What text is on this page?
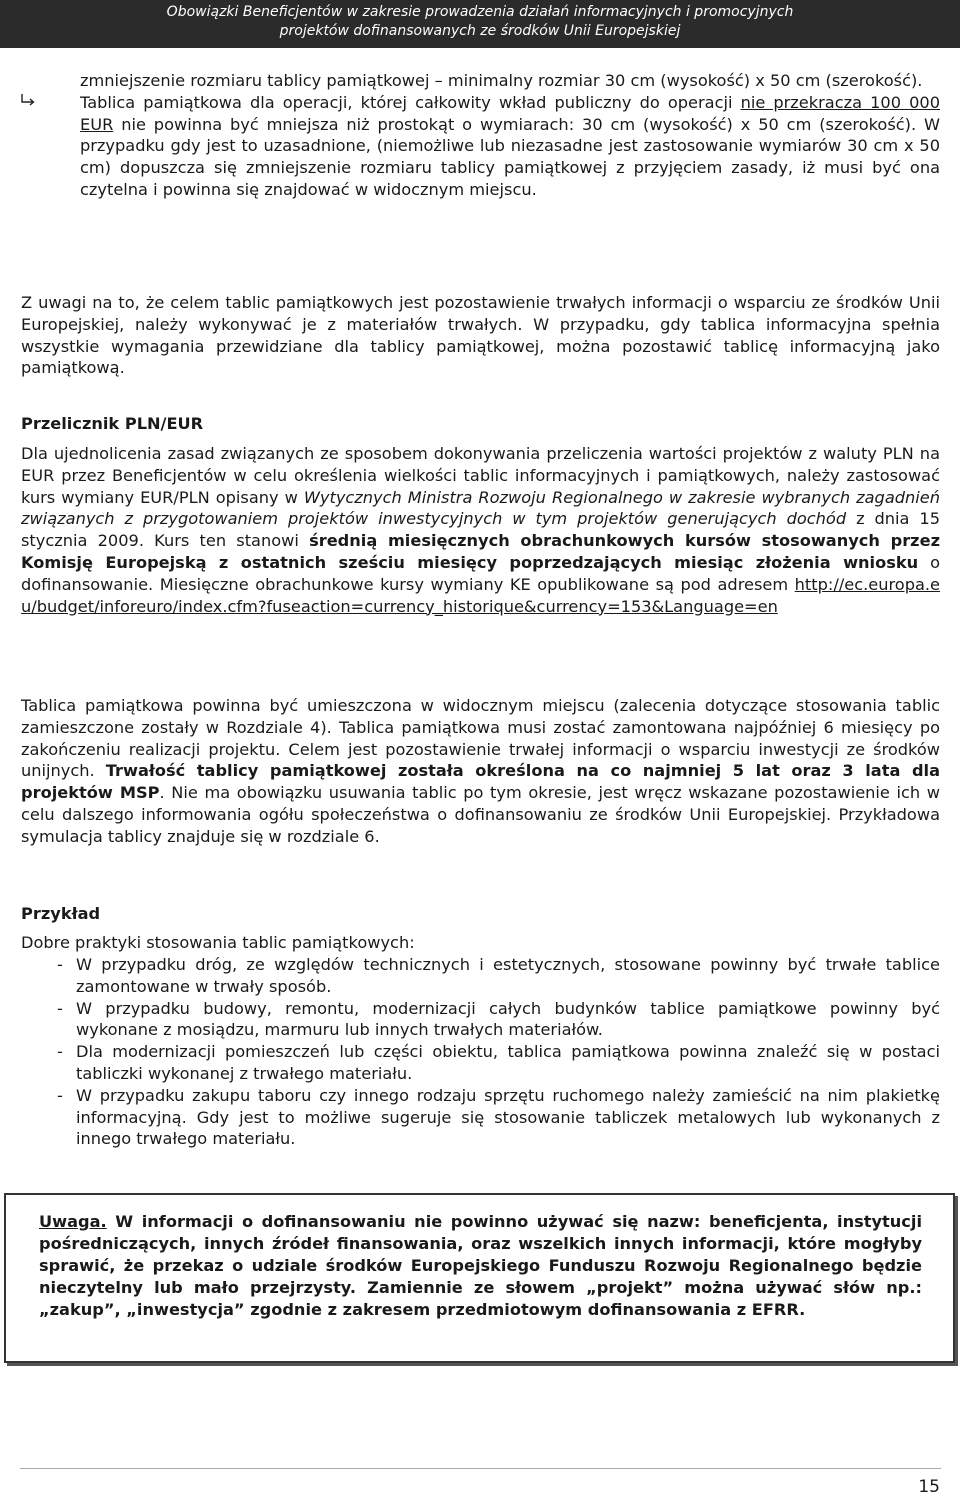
Obowiązki Beneficjentów w zakresie prowadzenia działań informacyjnych i promocyjnych
projektów dofinansowanych ze środków Unii Europejskiej
zmniejszenie rozmiaru tablicy pamiątkowej – minimalny rozmiar 30 cm (wysokość) x 50 cm (szerokość).
Tablica pamiątkowa dla operacji, której całkowity wkład publiczny do operacji nie przekracza 100 000 EUR nie powinna być mniejsza niż prostokąt o wymiarach: 30 cm (wysokość) x 50 cm (szerokość). W przypadku gdy jest to uzasadnione, (niemożliwe lub niezasadne jest zastosowanie wymiarów 30 cm x 50 cm) dopuszcza się zmniejszenie rozmiaru tablicy pamiątkowej z przyjęciem zasady, iż musi być ona czytelna i powinna się znajdować w widocznym miejscu.
Z uwagi na to, że celem tablic pamiątkowych jest pozostawienie trwałych informacji o wsparciu ze środków Unii Europejskiej, należy wykonywać je z materiałów trwałych. W przypadku, gdy tablica informacyjna spełnia wszystkie wymagania przewidziane dla tablicy pamiątkowej, można pozostawić tablicę informacyjną jako pamiątkową.
Przelicznik PLN/EUR
Dla ujednolicenia zasad związanych ze sposobem dokonywania przeliczenia wartości projektów z waluty PLN na EUR przez Beneficjentów w celu określenia wielkości tablic informacyjnych i pamiątkowych, należy zastosować kurs wymiany EUR/PLN opisany w Wytycznych Ministra Rozwoju Regionalnego w zakresie wybranych zagadnień związanych z przygotowaniem projektów inwestycyjnych w tym projektów generujących dochód z dnia 15 stycznia 2009. Kurs ten stanowi średnią miesięcznych obrachunkowych kursów stosowanych przez Komisję Europejską z ostatnich sześciu miesięcy poprzedzających miesiąc złożenia wniosku o dofinansowanie. Miesięczne obrachunkowe kursy wymiany KE opublikowane są pod adresem http://ec.europa.eu/budget/inforeuro/index.cfm?fuseaction=currency_historique&currency=153&Language=en
Tablica pamiątkowa powinna być umieszczona w widocznym miejscu (zalecenia dotyczące stosowania tablic zamieszczone zostały w Rozdziale 4). Tablica pamiątkowa musi zostać zamontowana najpóźniej 6 miesięcy po zakończeniu realizacji projektu. Celem jest pozostawienie trwałej informacji o wsparciu inwestycji ze środków unijnych. Trwałość tablicy pamiątkowej została określona na co najmniej 5 lat oraz 3 lata dla projektów MSP. Nie ma obowiązku usuwania tablic po tym okresie, jest wręcz wskazane pozostawienie ich w celu dalszego informowania ogółu społeczeństwa o dofinansowaniu ze środków Unii Europejskiej. Przykładowa symulacja tablicy znajduje się w rozdziale 6.
Przykład
Dobre praktyki stosowania tablic pamiątkowych:
- W przypadku dróg, ze względów technicznych i estetycznych, stosowane powinny być trwałe tablice zamontowane w trwały sposób.
- W przypadku budowy, remontu, modernizacji całych budynków tablice pamiątkowe powinny być wykonane z mosiądzu, marmuru lub innych trwałych materiałów.
- Dla modernizacji pomieszczeń lub części obiektu, tablica pamiątkowa powinna znaleźć się w postaci tabliczki wykonanej z trwałego materiału.
- W przypadku zakupu taboru czy innego rodzaju sprzętu ruchomego należy zamieścić na nim plakietkę informacyjną. Gdy jest to możliwe sugeruje się stosowanie tabliczek metalowych lub wykonanych z innego trwałego materiału.
Uwaga. W informacji o dofinansowaniu nie powinno używać się nazw: beneficjenta, instytucji pośredniczących, innych źródeł finansowania, oraz wszelkich innych informacji, które mogłyby sprawić, że przekaz o udziale środków Europejskiego Funduszu Rozwoju Regionalnego będzie nieczytelny lub mało przejrzysty. Zamiennie ze słowem „projekt” można używać słów np.: „zakup”, „inwestycja” zgodnie z zakresem przedmiotowym dofinansowania z EFRR.
15
